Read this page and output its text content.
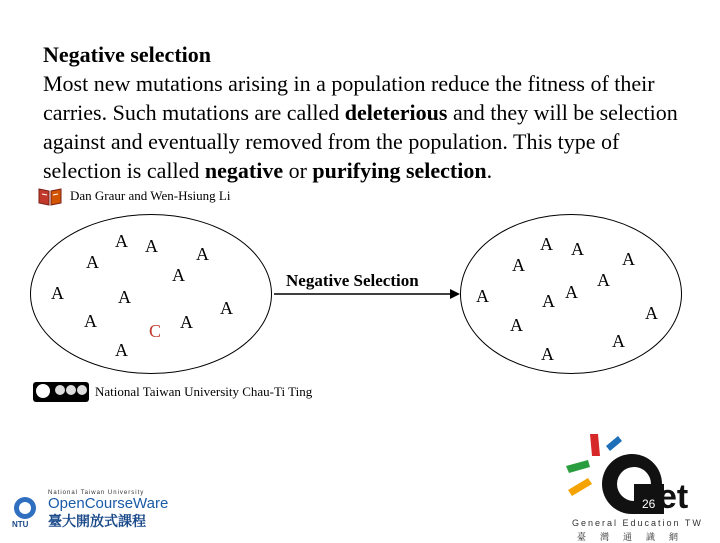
Negative selection

Most new mutations arising in a population reduce the fitness of their carries. Such mutations are called deleterious and they will be selection against and eventually removed from the population. This type of selection is called negative or purifying selection.

Dan Graur and Wen-Hsiung Li
A A
A	A
A
A	A
A
A	C A
A
Negative Selection
A A
A	A
A
A	A A
A
A
A
A
National Taiwan University Chau-Ti Ting
NTU
National Taiwan University
OpenCourseWare
臺大開放式課程
et
26
General Education TW
臺灣通識網
